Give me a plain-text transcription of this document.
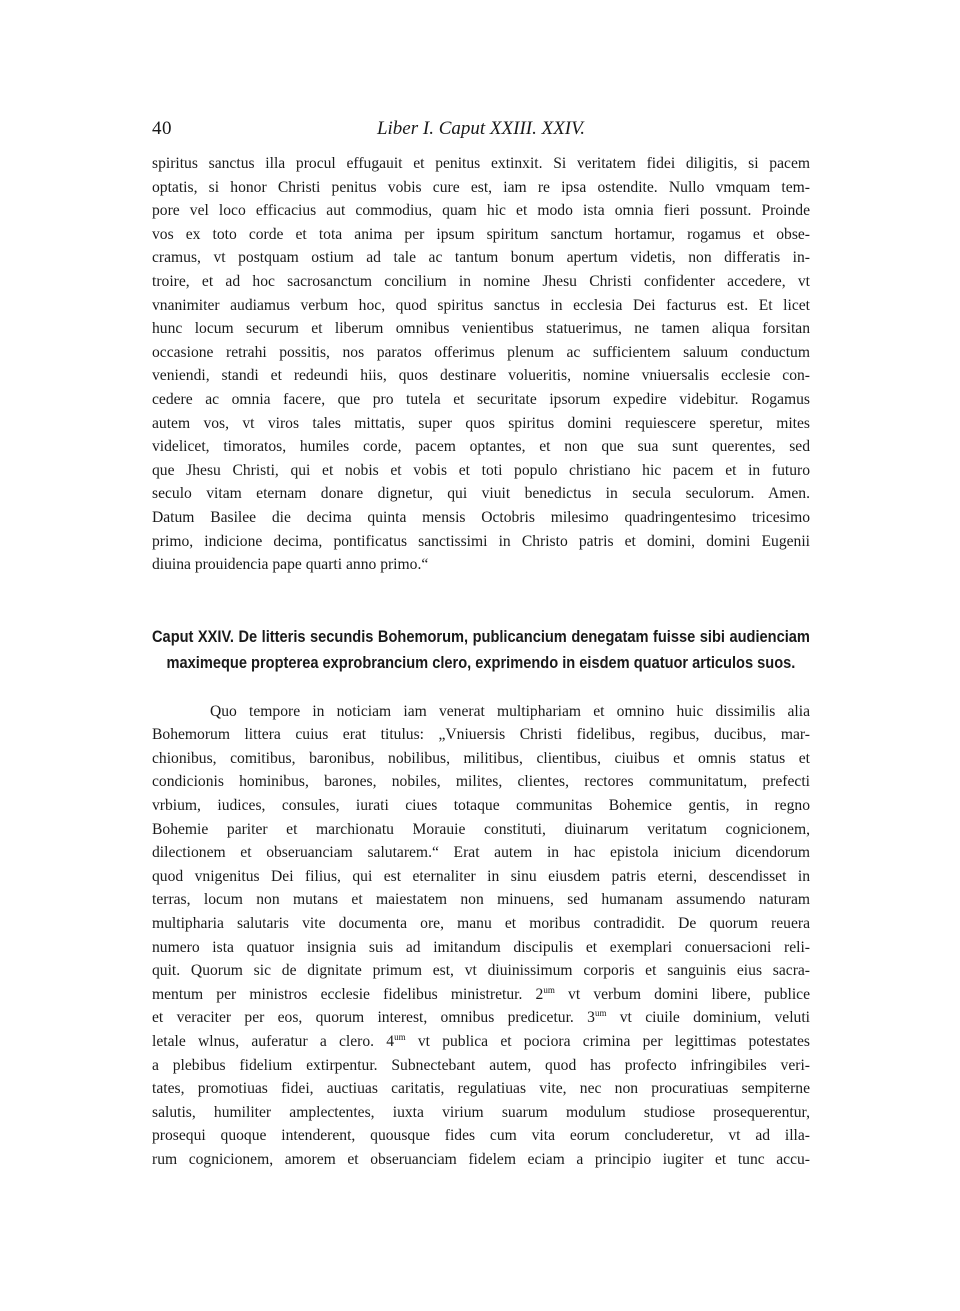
40	Liber I. Caput XXIII. XXIV.
spiritus sanctus illa procul effugauit et penitus extinxit. Si veritatem fidei diligitis, si pacem
optatis, si honor Christi penitus vobis cure est, iam re ipsa ostendite. Nullo vmquam tem-
pore vel loco efficacius aut commodius, quam hic et modo ista omnia fieri possunt. Proinde
vos ex toto corde et tota anima per ipsum spiritum sanctum hortamur, rogamus et obse-
cramus, vt postquam ostium ad tale ac tantum bonum apertum videtis, non differatis in-
troire, et ad hoc sacrosanctum concilium in nomine Jhesu Christi confidenter accedere, vt
vnanimiter audiamus verbum hoc, quod spiritus sanctus in ecclesia Dei facturus est. Et licet
hunc locum securum et liberum omnibus venientibus statuerimus, ne tamen aliqua forsitan
occasione retrahi possitis, nos paratos offerimus plenum ac sufficientem saluum conductum
veniendi, standi et redeundi hiis, quos destinare volueritis, nomine vniuersalis ecclesie con-
cedere ac omnia facere, que pro tutela et securitate ipsorum expedire videbitur. Rogamus
autem vos, vt viros tales mittatis, super quos spiritus domini requiescere speretur, mites
videlicet, timoratos, humiles corde, pacem optantes, et non que sua sunt querentes, sed
que Jhesu Christi, qui et nobis et vobis et toti populo christiano hic pacem et in futuro
seculo vitam eternam donare dignetur, qui viuit benedictus in secula seculorum. Amen.
Datum Basilee die decima quinta mensis Octobris milesimo quadringentesimo tricesimo
primo, indicione decima, pontificatus sanctissimi in Christo patris et domini, domini Eugenii
diuina prouidencia pape quarti anno primo.“
Caput XXIV. De litteris secundis Bohemorum, publicancium denegatam fuisse sibi audienciam
maximeque propterea exprobrancium clero, exprimendo in eisdem quatuor articulos suos.
Quo tempore in noticiam iam venerat multiphariam et omnino huic dissimilis alia
Bohemorum littera cuius erat titulus: „Vniuersis Christi fidelibus, regibus, ducibus, mar-
chionibus, comitibus, baronibus, nobilibus, militibus, clientibus, ciuibus et omnis status et
condicionis hominibus, barones, nobiles, milites, clientes, rectores communitatum, prefecti
vrbium, iudices, consules, iurati ciues totaque communitas Bohemice gentis, in regno
Bohemie pariter et marchionatu Morauie constituti, diuinarum veritatum cognicionem,
dilectionem et obseruanciam salutarem.“ Erat autem in hac epistola inicium dicendorum
quod vnigenitus Dei filius, qui est eternaliter in sinu eiusdem patris eterni, descendisset in
terras, locum non mutans et maiestatem non minuens, sed humanam assumendo naturam
multipharia salutaris vite documenta ore, manu et moribus contradidit. De quorum reuera
numero ista quatuor insignia suis ad imitandum discipulis et exemplari conuersacioni reli-
quit. Quorum sic de dignitate primum est, vt diuinissimum corporis et sanguinis eius sacra-
mentum per ministros ecclesie fidelibus ministretur. $2^{um}$ vt verbum domini libere, publice
et veraciter per eos, quorum interest, omnibus predicetur. $3^{um}$ vt ciuile dominium, veluti
letale wlnus, auferatur a clero. $4^{um}$ vt publica et pociora crimina per legittimas potestates
a plebibus fidelium extirpentur. Subnectebant autem, quod has profecto infringibiles veri-
tates, promotiuas fidei, auctiuas caritatis, regulatiuas vite, nec non procuratiuas sempiterne
salutis, humiliter amplectentes, iuxta virium suarum modulum studiose prosequerentur,
prosequi quoque intenderent, quousque fides cum vita eorum concluderetur, vt ad illa-
rum cognicionem, amorem et obseruanciam fidelem eciam a principio iugiter et tunc accu-
